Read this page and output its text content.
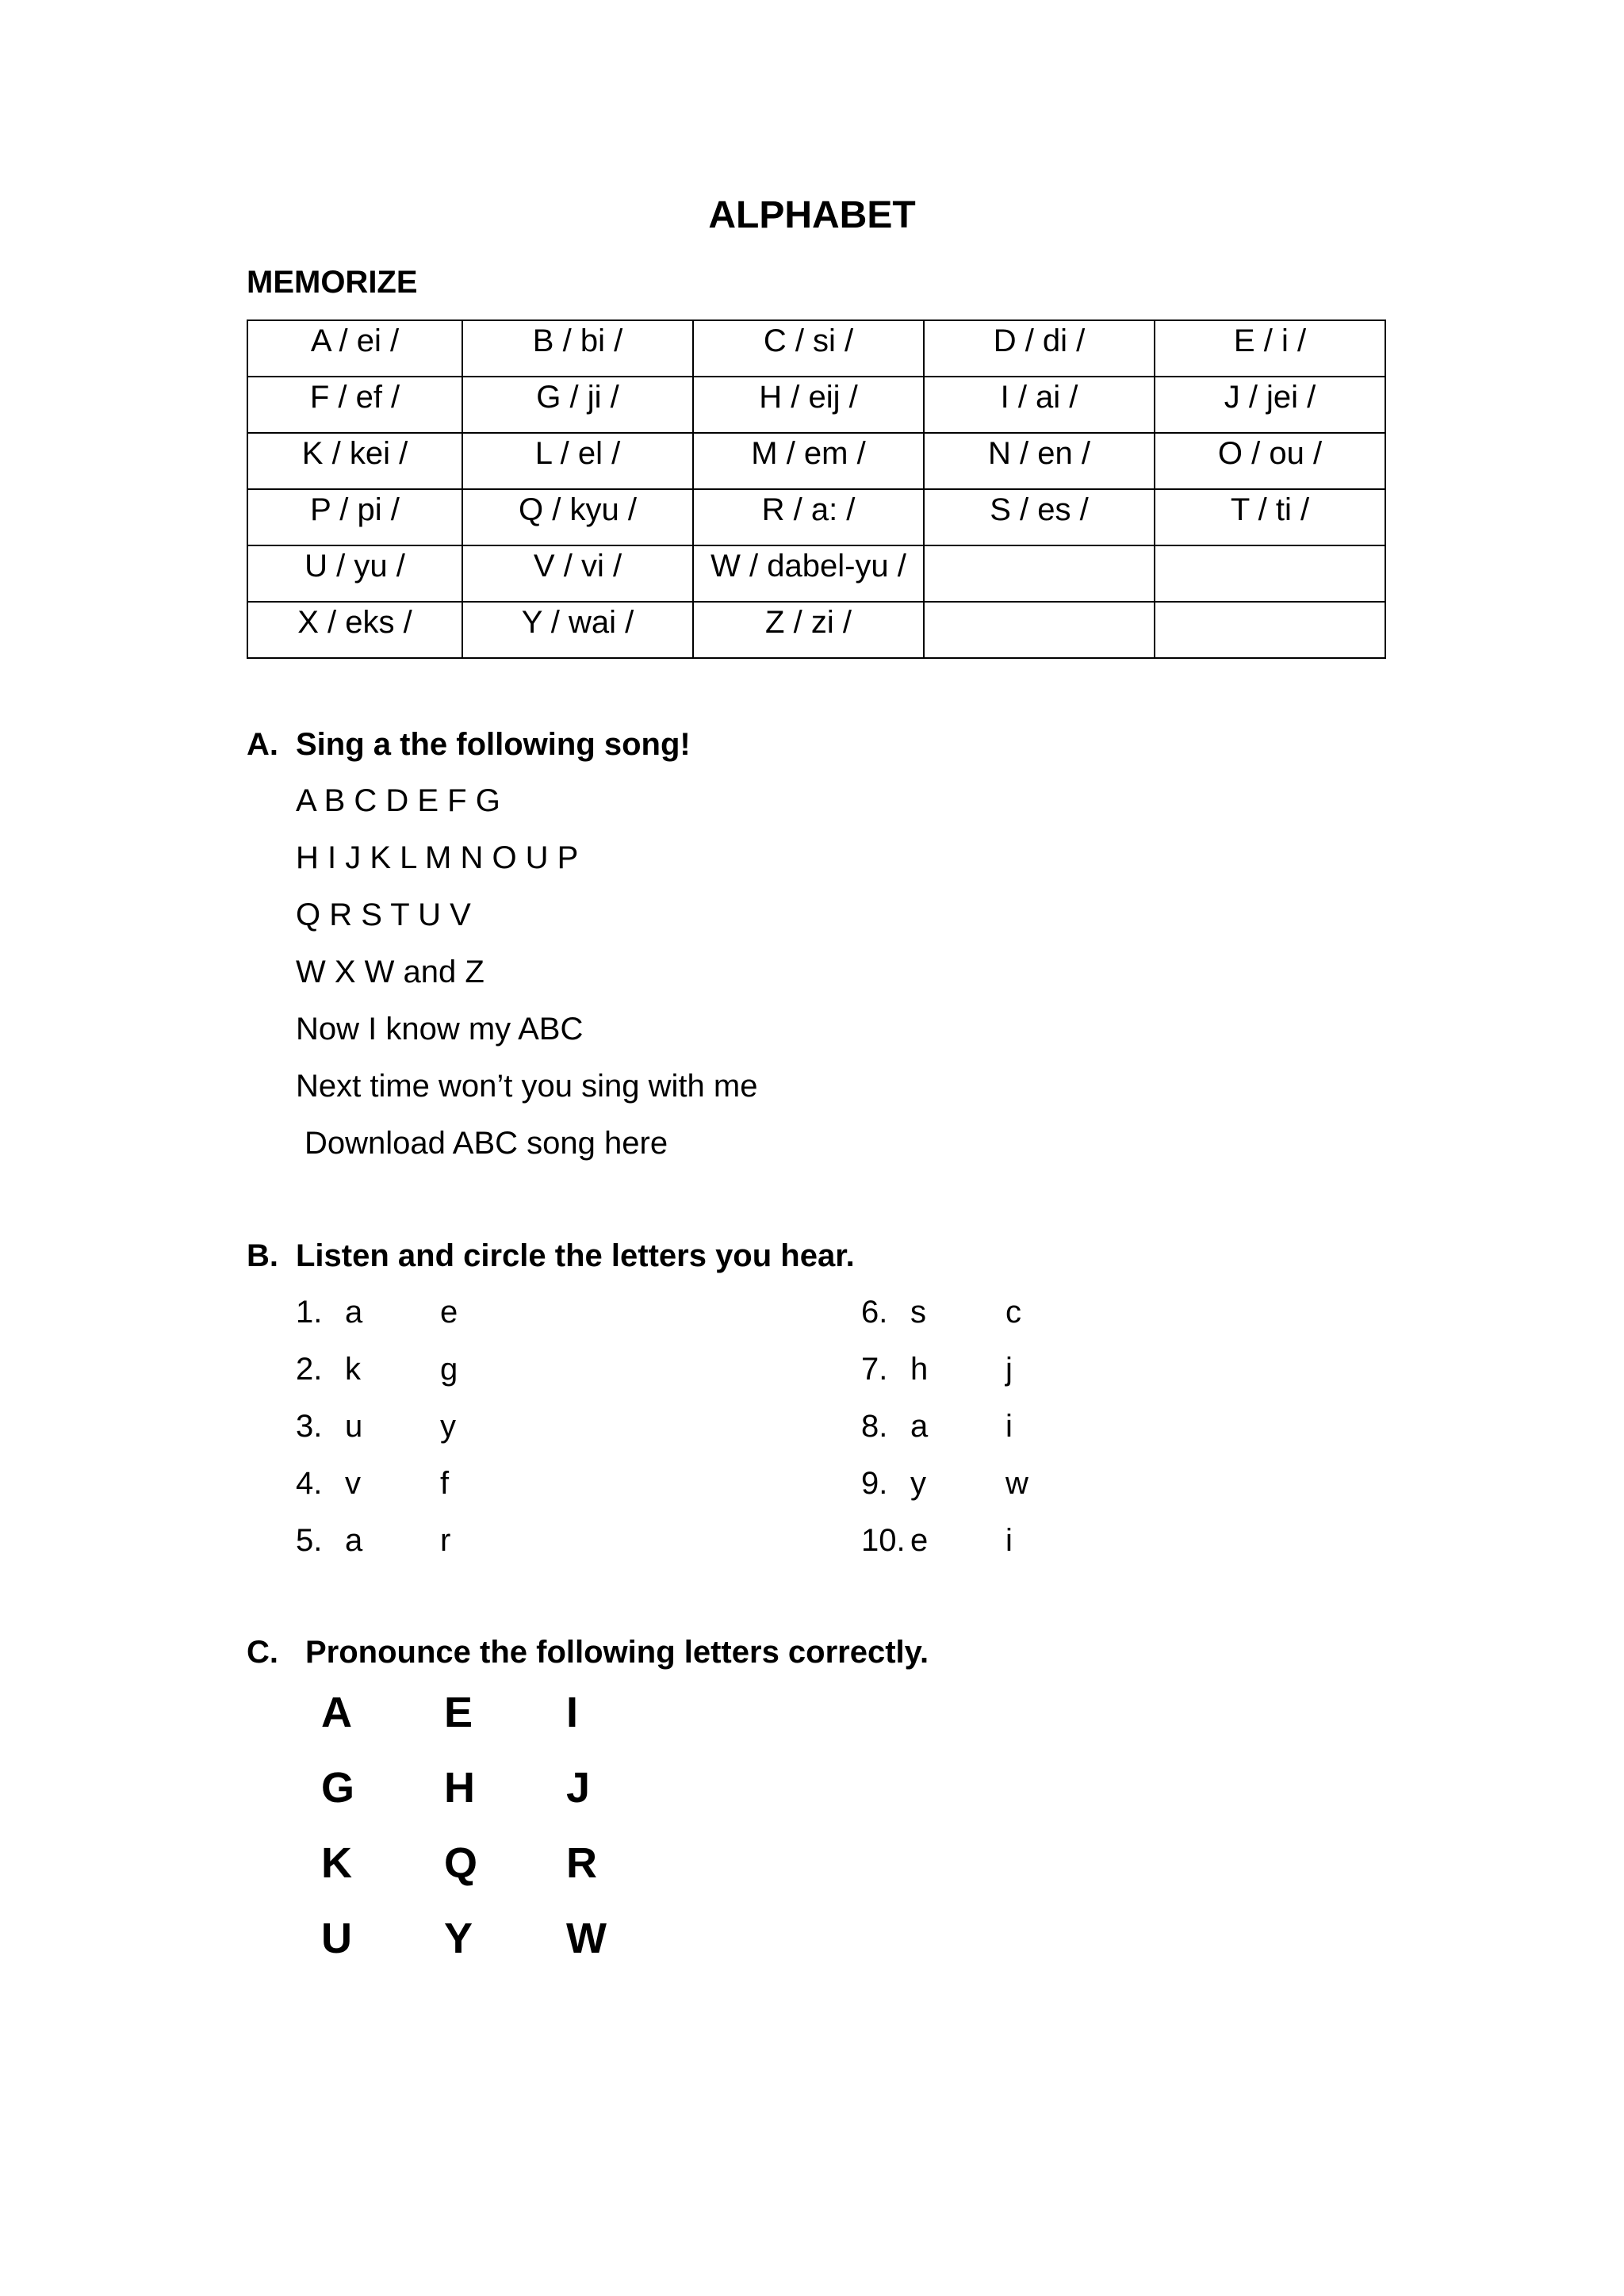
ALPHABET
MEMORIZE
A / ei /	B / bi /	C / si /	D / di /	E / i /
F / ef /	G / ji /	H / eij /	I / ai /	J / jei /
K / kei /	L / el /	M / em /	N / en /	O / ou /
P / pi /	Q / kyu /	R / a: /	S / es /	T / ti /
U / yu /	V / vi /	W / dabel-yu /		
X / eks /	Y / wai /	Z / zi /		
A. Sing a the following song!
A B C D E F G
H I J K L M N O U P
Q R S T U V
W X W and Z
Now I know my ABC
Next time won’t you sing with me
Download ABC song here
B. Listen and circle the letters you hear.
1. a e
2. k	g
3. u y
4. v	f
5. a r
6. s	c
7. h j
8. a i
9. y	w
10. e i
C. Pronounce the following letters correctly.
A E I
G H J
K Q R
U Y W
